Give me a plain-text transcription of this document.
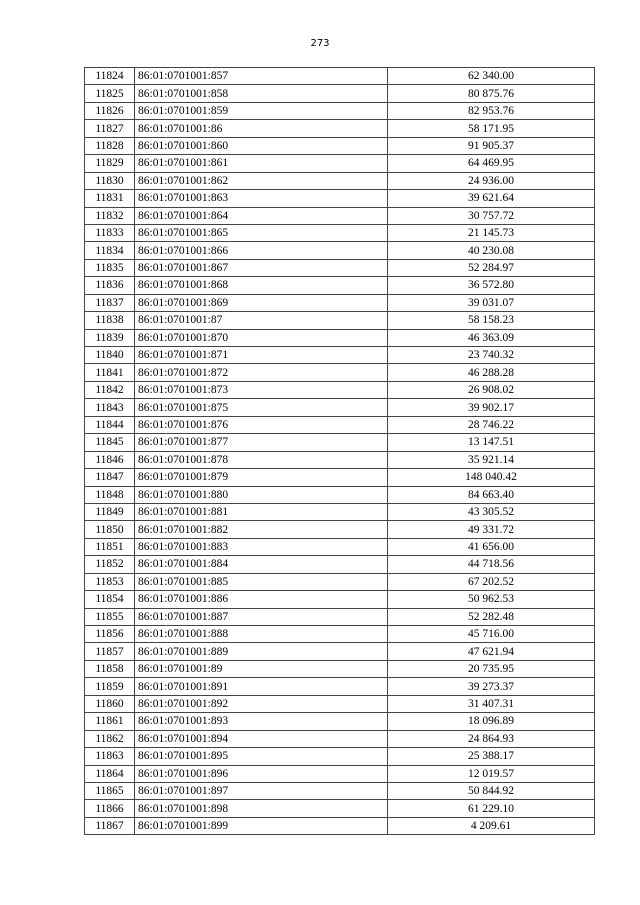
273
11824	86:01:0701001:857	62 340.00
11825	86:01:0701001:858	80 875.76
11826	86:01:0701001:859	82 953.76
11827	86:01:0701001:86	58 171.95
11828	86:01:0701001:860	91 905.37
11829	86:01:0701001:861	64 469.95
11830	86:01:0701001:862	24 936.00
11831	86:01:0701001:863	39 621.64
11832	86:01:0701001:864	30 757.72
11833	86:01:0701001:865	21 145.73
11834	86:01:0701001:866	40 230.08
11835	86:01:0701001:867	52 284.97
11836	86:01:0701001:868	36 572.80
11837	86:01:0701001:869	39 031.07
11838	86:01:0701001:87	58 158.23
11839	86:01:0701001:870	46 363.09
11840	86:01:0701001:871	23 740.32
11841	86:01:0701001:872	46 288.28
11842	86:01:0701001:873	26 908.02
11843	86:01:0701001:875	39 902.17
11844	86:01:0701001:876	28 746.22
11845	86:01:0701001:877	13 147.51
11846	86:01:0701001:878	35 921.14
11847	86:01:0701001:879	148 040.42
11848	86:01:0701001:880	84 663.40
11849	86:01:0701001:881	43 305.52
11850	86:01:0701001:882	49 331.72
11851	86:01:0701001:883	41 656.00
11852	86:01:0701001:884	44 718.56
11853	86:01:0701001:885	67 202.52
11854	86:01:0701001:886	50 962.53
11855	86:01:0701001:887	52 282.48
11856	86:01:0701001:888	45 716.00
11857	86:01:0701001:889	47 621.94
11858	86:01:0701001:89	20 735.95
11859	86:01:0701001:891	39 273.37
11860	86:01:0701001:892	31 407.31
11861	86:01:0701001:893	18 096.89
11862	86:01:0701001:894	24 864.93
11863	86:01:0701001:895	25 388.17
11864	86:01:0701001:896	12 019.57
11865	86:01:0701001:897	50 844.92
11866	86:01:0701001:898	61 229.10
11867	86:01:0701001:899	4 209.61
